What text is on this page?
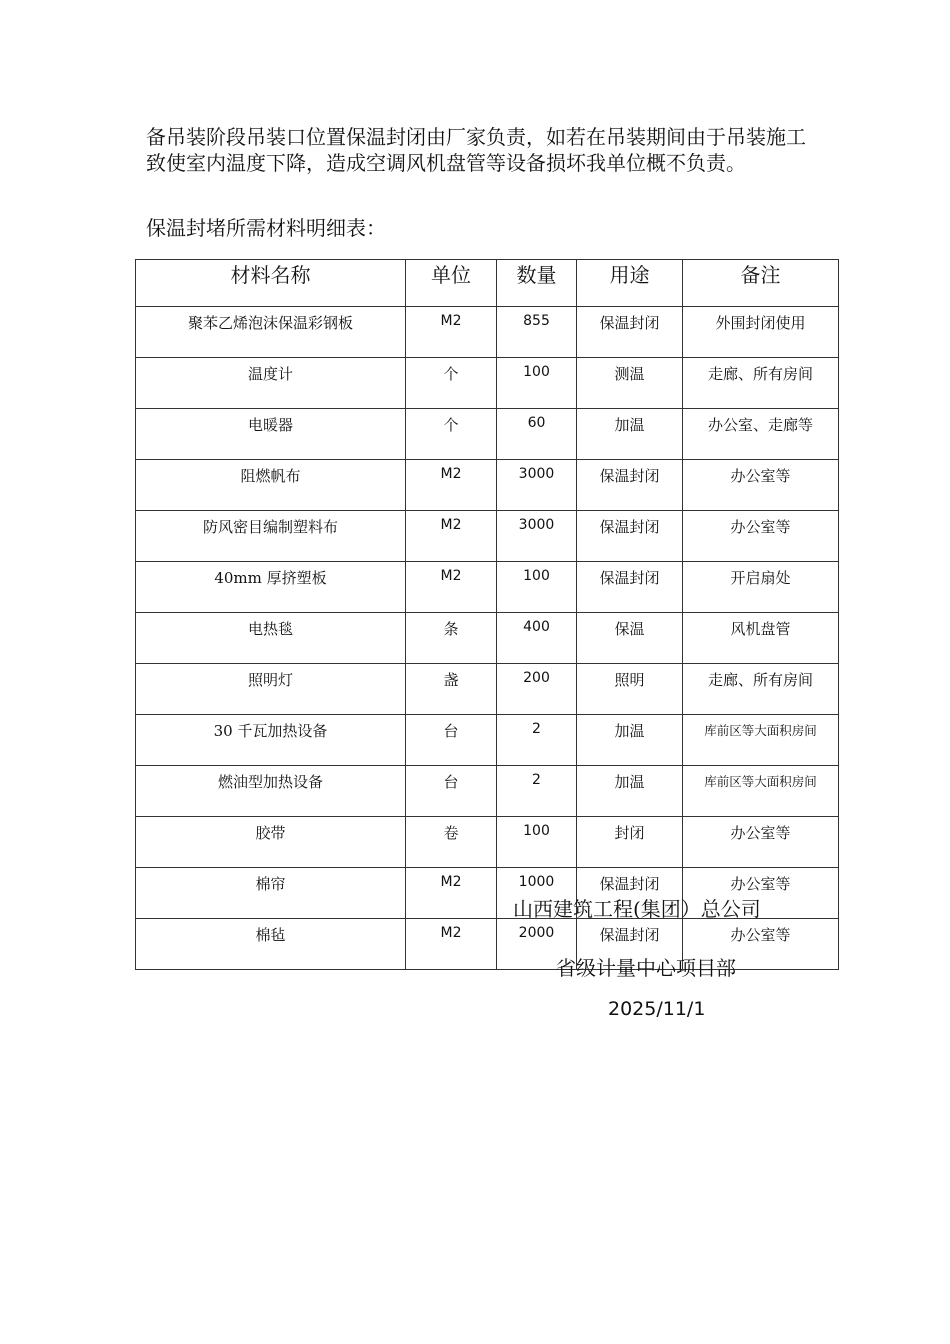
备吊装阶段吊装口位置保温封闭由厂家负责，如若在吊装期间由于吊装施工致使室内温度下降，造成空调风机盘管等设备损坏我单位概不负责。

保温封堵所需材料明细表：

材料名称	单位	数量	用途	备注
聚苯乙烯泡沫保温彩钢板	M2	855	保温封闭	外围封闭使用
温度计	个	100	测温	走廊、所有房间
电暖器	个	60	加温	办公室、走廊等
阻燃帆布	M2	3000	保温封闭	办公室等
防风密目编制塑料布	M2	3000	保温封闭	办公室等
40mm 厚挤塑板	M2	100	保温封闭	开启扇处
电热毯	条	400	保温	风机盘管
照明灯	盏	200	照明	走廊、所有房间
30 千瓦加热设备	台	2	加温	库前区等大面积房间
燃油型加热设备	台	2	加温	库前区等大面积房间
胶带	卷	100	封闭	办公室等
棉帘	M2	1000	保温封闭	办公室等
棉毡	M2	2000	保温封闭	办公室等

山西建筑工程(集团）总公司

省级计量中心项目部

2025/11/1
